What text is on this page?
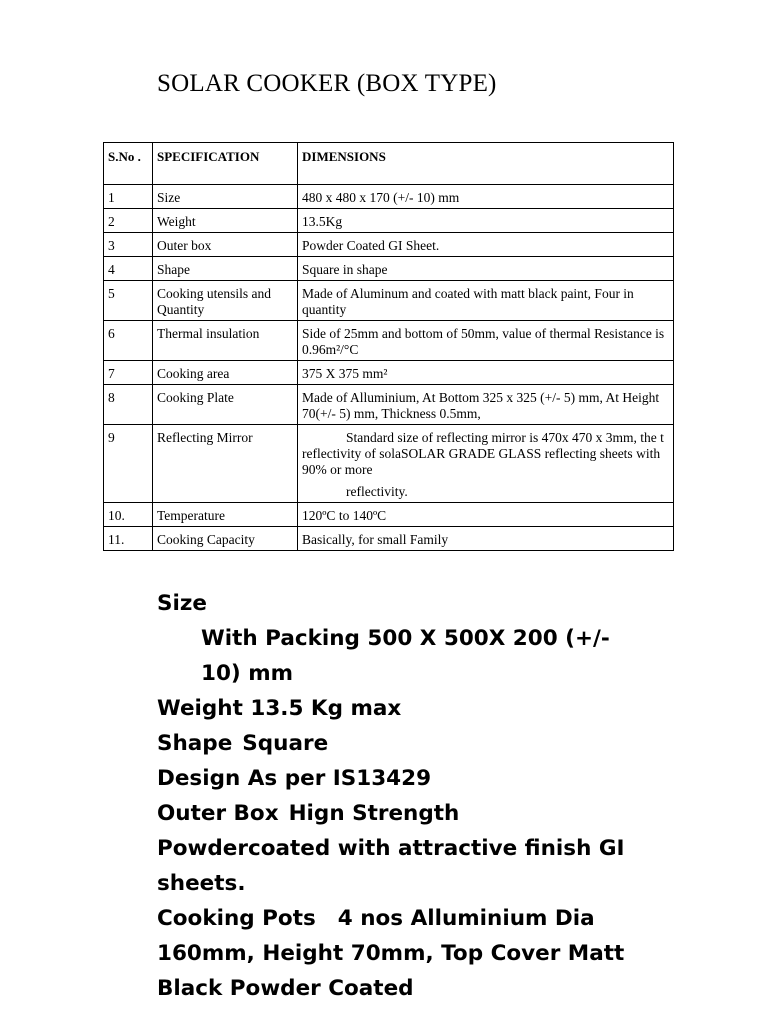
SOLAR COOKER (BOX TYPE)
S.No .	SPECIFICATION	DIMENSIONS
1	Size	480 x 480 x 170 (+/- 10) mm
2	Weight	13.5Kg
3	Outer box	Powder Coated GI Sheet.
4	Shape	Square in shape
5	Cooking utensils and Quantity	Made of Aluminum and coated with matt black paint, Four in quantity
6	Thermal insulation	Side of 25mm and bottom of 50mm, value of thermal Resistance is 0.96m²/°C
7	Cooking area	375 X 375 mm²
8	Cooking Plate	Made of Alluminium, At Bottom 325 x 325 (+/- 5) mm, At Height 70(+/- 5) mm, Thickness 0.5mm,
9	Reflecting Mirror	Standard size of reflecting mirror is 470x 470 x 3mm, the t reflectivity of solaSOLAR GRADE GLASS reflecting sheets with 90% or more
reflectivity.

10.	Temperature	120ºC to 140ºC
11.	Cooking Capacity	Basically, for small Family

Size

With Packing 500 X 500X 200 (+/- 10) mm

Weight 13.5 Kg max

Shape Square

Design As per IS13429

Outer Box Hign Strength Powdercoated with attractive finish GI sheets.

Cooking Pots 4 nos Alluminium Dia 160mm, Height 70mm, Top Cover Matt Black Powder Coated
